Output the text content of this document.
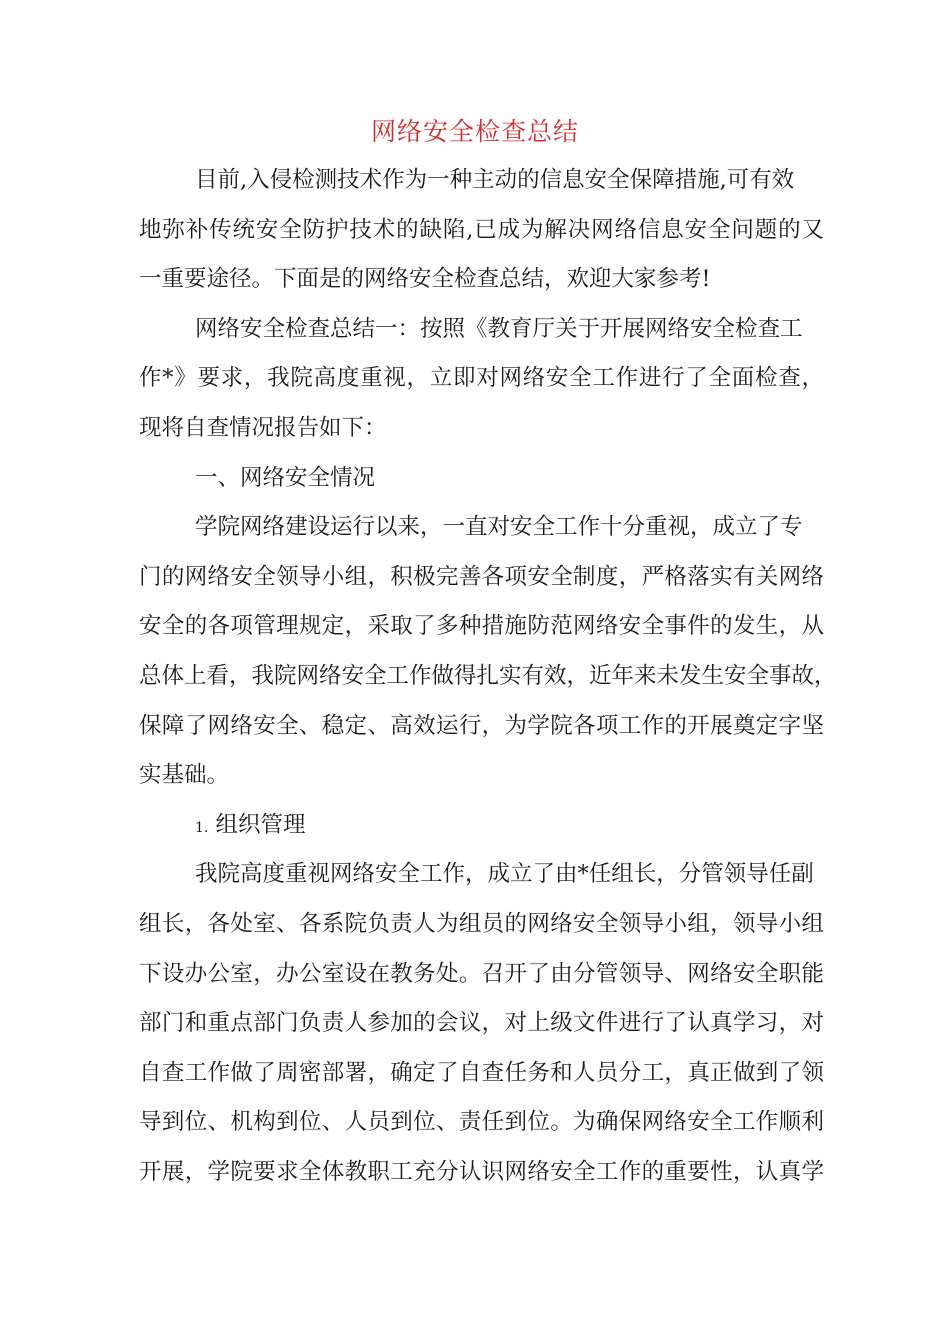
网络安全检查总结
目前,入侵检测技术作为一种主动的信息安全保障措施,可有效
地弥补传统安全防护技术的缺陷,已成为解决网络信息安全问题的又
一重要途径。下面是的网络安全检查总结，欢迎大家参考!
网络安全检查总结一：按照《教育厅关于开展网络安全检查工
作*》要求，我院高度重视，立即对网络安全工作进行了全面检查，
现将自查情况报告如下：
一、网络安全情况
学院网络建设运行以来，一直对安全工作十分重视，成立了专
门的网络安全领导小组，积极完善各项安全制度，严格落实有关网络
安全的各项管理规定，采取了多种措施防范网络安全事件的发生，从
总体上看，我院网络安全工作做得扎实有效，近年来未发生安全事故，
保障了网络安全、稳定、高效运行，为学院各项工作的开展奠定字坚
实基础。
1. 组织管理
我院高度重视网络安全工作，成立了由*任组长，分管领导任副
组长，各处室、各系院负责人为组员的网络安全领导小组，领导小组
下设办公室，办公室设在教务处。召开了由分管领导、网络安全职能
部门和重点部门负责人参加的会议，对上级文件进行了认真学习，对
自查工作做了周密部署，确定了自查任务和人员分工，真正做到了领
导到位、机构到位、人员到位、责任到位。为确保网络安全工作顺利
开展，学院要求全体教职工充分认识网络安全工作的重要性，认真学
